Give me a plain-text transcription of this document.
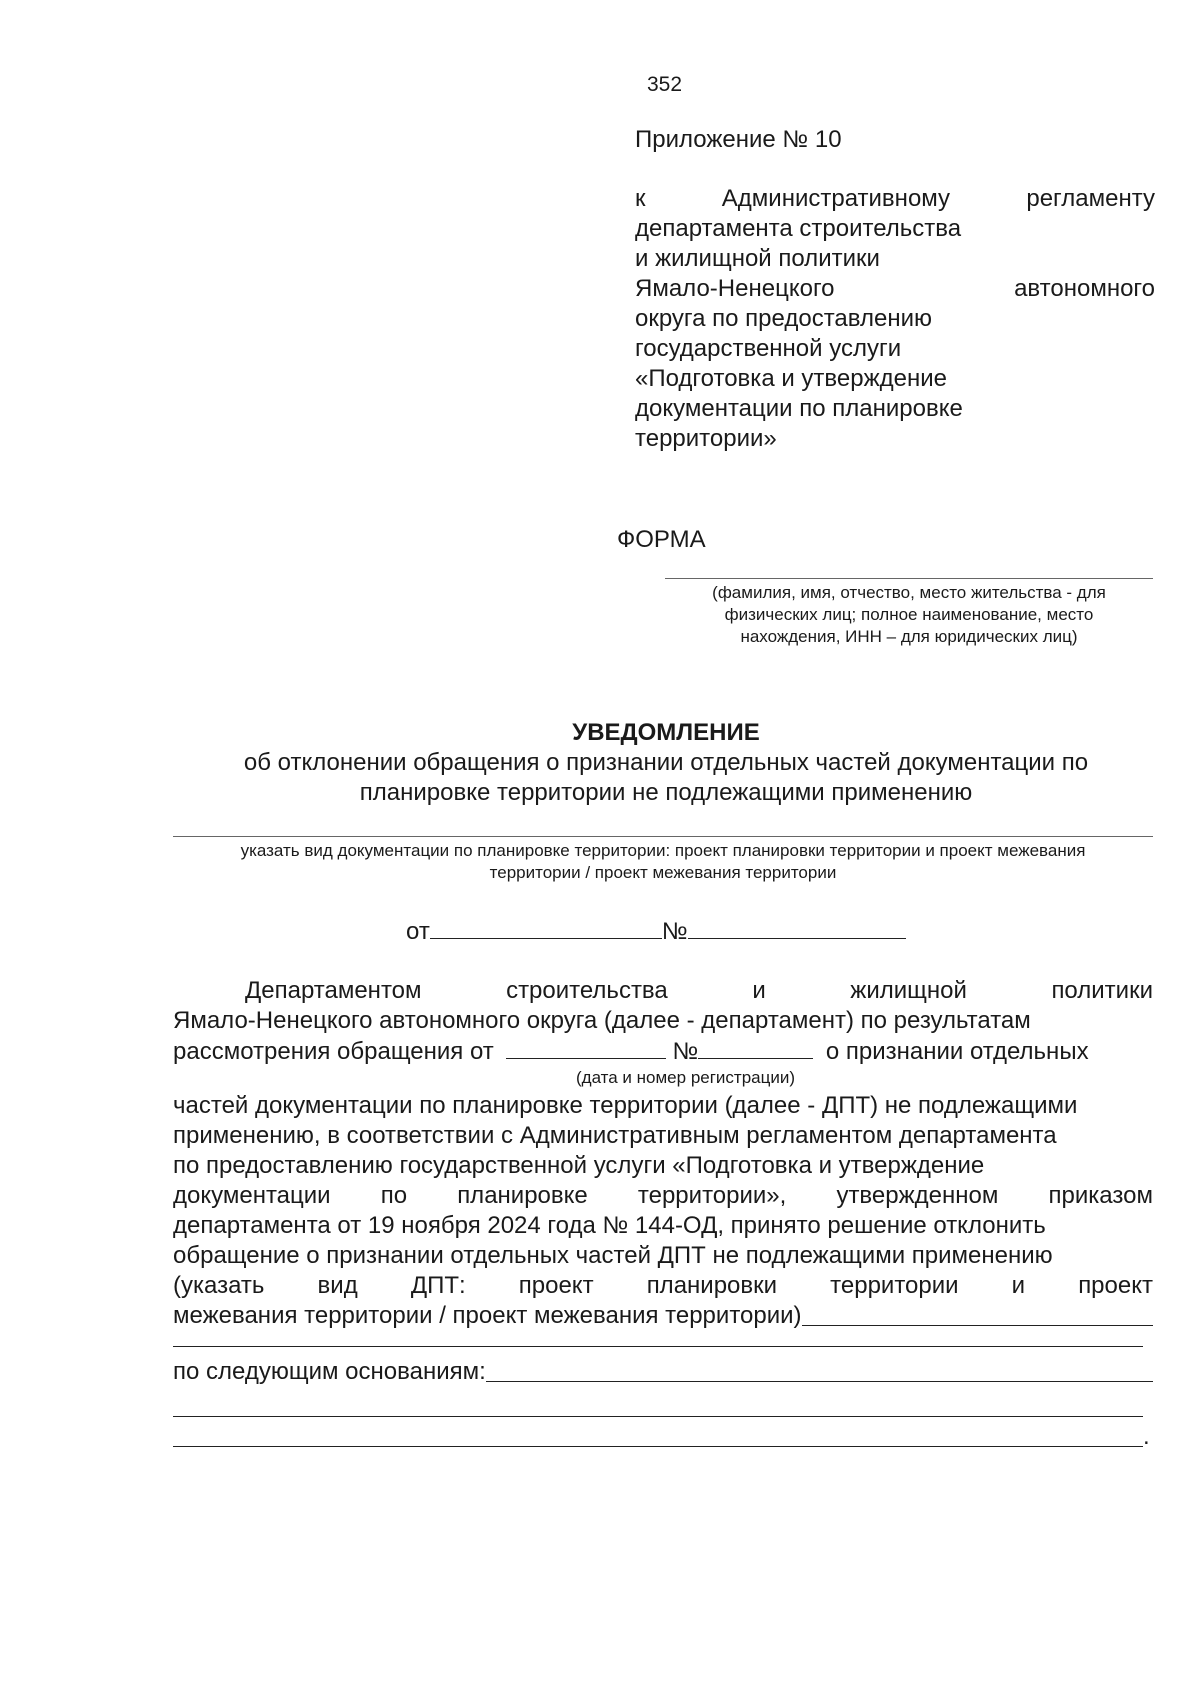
352
Приложение № 10
к	Административному	регламенту
департамента строительства
и жилищной политики
Ямало-Ненецкого	автономного
округа по предоставлению
государственной услуги
«Подготовка и утверждение
документации по планировке
территории»
ФОРМА
(фамилия, имя, отчество, место жительства - для
физических лиц; полное наименование, место
нахождения, ИНН – для юридических лиц)
УВЕДОМЛЕНИЕ
об отклонении обращения о признании отдельных частей документации по
планировке территории не подлежащими применению
указать вид документации по планировке территории: проект планировки территории и проект межевания
территории / проект межевания территории
от	№
Департаментом	строительства	и	жилищной	политики
Ямало-Ненецкого автономного округа (далее - департамент) по результатам
рассмотрения обращения от	№	о признании отдельных
(дата и номер регистрации)
частей документации по планировке территории (далее - ДПТ) не подлежащими
применению, в соответствии с Административным регламентом департамента
по предоставлению государственной услуги «Подготовка и утверждение
документации по планировке территории», утвержденном приказом
департамента от 19 ноября 2024 года № 144-ОД, принято решение отклонить
обращение о признании отдельных частей ДПТ не подлежащими применению
(указать вид ДПТ: проект планировки территории и проект
межевания территории / проект межевания территории)
по следующим основаниям:
.
